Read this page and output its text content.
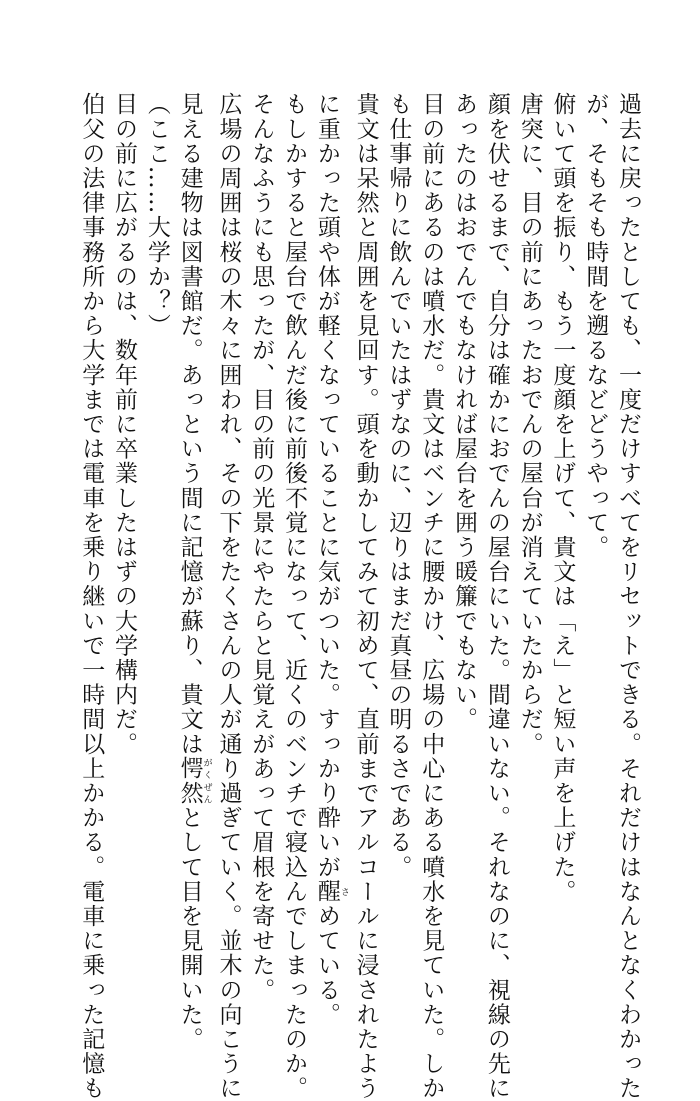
過去に戻ったとしても、一度だけすべてをリセットできる。それだけはなんとなくわかった
が、そもそも時間を遡るなどどうやって。
俯いて頭を振り、もう一度顔を上げて、貴文は「え」と短い声を上げた。
唐突に、目の前にあったおでんの屋台が消えていたからだ。
顔を伏せるまで、自分は確かにおでんの屋台にいた。間違いない。それなのに、視線の先に
あったのはおでんでもなければ屋台を囲う暖簾でもない。
目の前にあるのは噴水だ。貴文はベンチに腰かけ、広場の中心にある噴水を見ていた。しか
も仕事帰りに飲んでいたはずなのに、辺りはまだ真昼の明るさである。
貴文は呆然と周囲を見回す。頭を動かしてみて初めて、直前までアルコールに浸されたよう
に重かった頭や体が軽くなっていることに気がついた。すっかり酔いが醒 さめている。
もしかすると屋台で飲んだ後に前後不覚になって、近くのベンチで寝込んでしまったのか。
そんなふうにも思ったが、目の前の光景にやたらと見覚えがあって眉根を寄せた。
広場の周囲は桜の木々に囲われ、その下をたくさんの人が通り過ぎていく。並木の向こうに
見える建物は図書館だ。あっという間に記憶が蘇り、貴文は愕然 がくぜんとして目を見開いた。
（ここ……大学か？）
目の前に広がるのは、数年前に卒業したはずの大学構内だ。
伯父の法律事務所から大学までは電車を乗り継いで一時間以上かかる。電車に乗った記憶も
